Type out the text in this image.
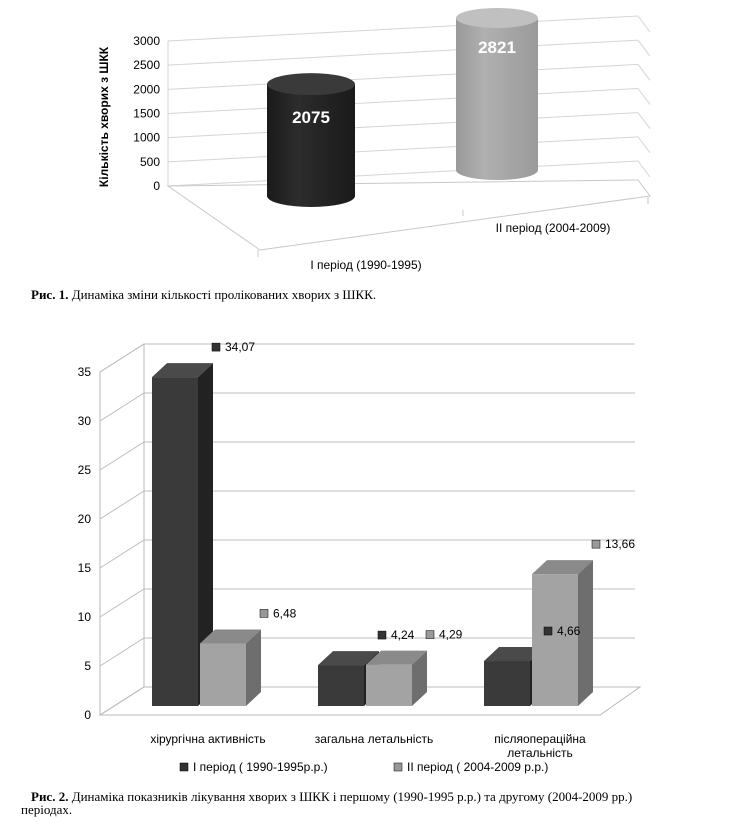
3000
2500
2000
1500
1000
500
0
Кількість хворих з ШКК	2075
2821
I період (1990-1995)
II період (2004-2009)
Рис. 1. Динаміка зміни кількості пролікованих хворих з ШКК.
35
30
25
20
15
10
5
0
34,07
6,48
4,24 4,29	4,66
13,66
хірургічна активність	загальна летальність	післяопераційна летальність
I період ( 1990-1995р.р.)	II період ( 2004-2009 р.р.)
Рис. 2. Динаміка показників лікування хворих з ШКК і першому (1990-1995 р.р.) та другому (2004-2009 рр.)
періодах.
